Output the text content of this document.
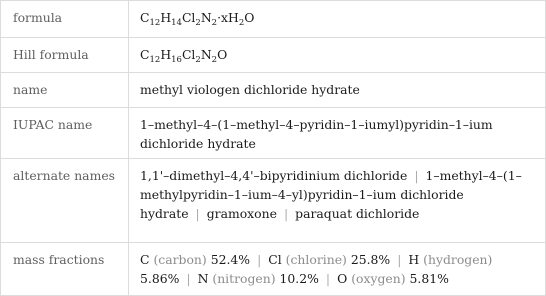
formula	$C_{12}H_{14}Cl_2N_2\cdot xH_2O$
Hill formula	$C_{12}H_{16}Cl_2N_2O$
name	methyl viologen dichloride hydrate
IUPAC name	1–methyl–4–(1–methyl–4–pyridin–1–iumyl)pyridin–1–ium dichloride hydrate
alternate names	1,1'–dimethyl–4,4'–bipyridinium dichloride | 1–methyl–4–(1–methylpyridin–1–ium–4–yl)pyridin–1–ium dichloride hydrate | gramoxone | paraquat dichloride
mass fractions	C (carbon) 52.4% | Cl (chlorine) 25.8% | H (hydrogen) 5.86% | N (nitrogen) 10.2% | O (oxygen) 5.81%
